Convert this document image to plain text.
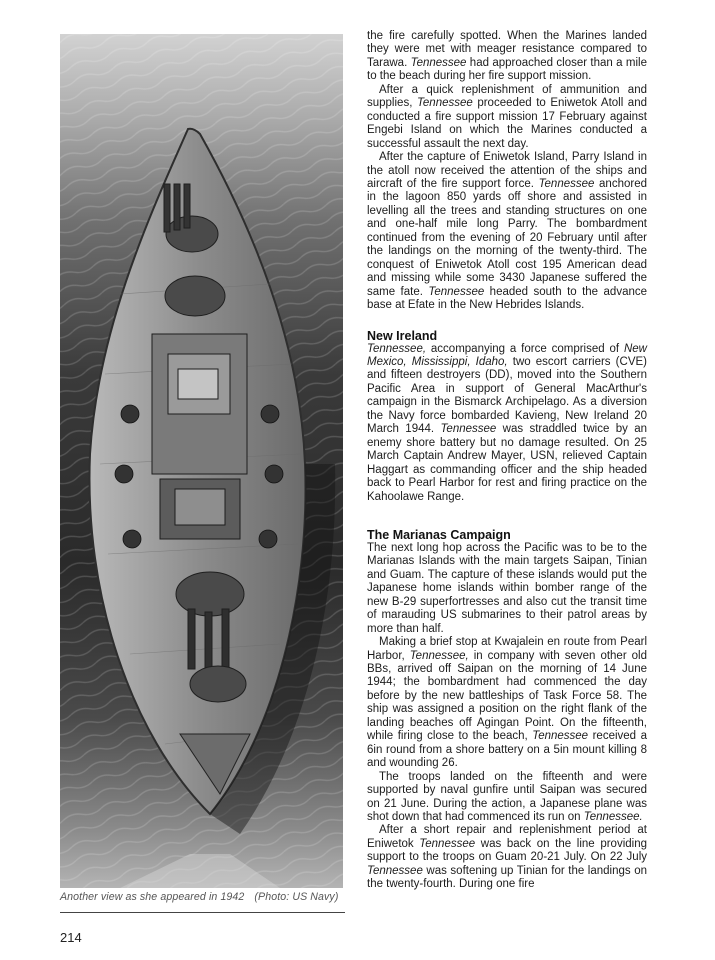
Another view as she appeared in 1942 (Photo: US Navy)
214

the fire carefully spotted. When the Marines landed they were met with meager resistance compared to Tarawa. Tennessee had approached closer than a mile to the beach during her fire support mission.

After a quick replenishment of ammunition and supplies, Tennessee proceeded to Eniwetok Atoll and conducted a fire support mission 17 February against Engebi Island on which the Marines conducted a successful assault the next day.

After the capture of Eniwetok Island, Parry Island in the atoll now received the attention of the ships and aircraft of the fire support force. Tennessee anchored in the lagoon 850 yards off shore and assisted in levelling all the trees and standing structures on one and one-half mile long Parry. The bombardment continued from the evening of 20 February until after the landings on the morning of the twenty-third. The conquest of Eniwetok Atoll cost 195 American dead and missing while some 3430 Japanese suffered the same fate. Tennessee headed south to the advance base at Efate in the New Hebrides Islands.

New Ireland

Tennessee, accompanying a force comprised of New Mexico, Mississippi, Idaho, two escort carriers (CVE) and fifteen destroyers (DD), moved into the Southern Pacific Area in support of General MacArthur's campaign in the Bismarck Archipelago. As a diversion the Navy force bombarded Kavieng, New Ireland 20 March 1944. Tennessee was straddled twice by an enemy shore battery but no damage resulted. On 25 March Captain Andrew Mayer, USN, relieved Captain Haggart as commanding officer and the ship headed back to Pearl Harbor for rest and firing practice on the Kahoolawe Range.

The Marianas Campaign

The next long hop across the Pacific was to be to the Marianas Islands with the main targets Saipan, Tinian and Guam. The capture of these islands would put the Japanese home islands within bomber range of the new B-29 superfortresses and also cut the transit time of marauding US submarines to their patrol areas by more than half.

Making a brief stop at Kwajalein en route from Pearl Harbor, Tennessee, in company with seven other old BBs, arrived off Saipan on the morning of 14 June 1944; the bombardment had commenced the day before by the new battleships of Task Force 58. The ship was assigned a position on the right flank of the landing beaches off Agingan Point. On the fifteenth, while firing close to the beach, Tennessee received a 6in round from a shore battery on a 5in mount killing 8 and wounding 26.

The troops landed on the fifteenth and were supported by naval gunfire until Saipan was secured on 21 June. During the action, a Japanese plane was shot down that had commenced its run on Tennessee.

After a short repair and replenishment period at Eniwetok Tennessee was back on the line providing support to the troops on Guam 20-21 July. On 22 July Tennessee was softening up Tinian for the landings on the twenty-fourth. During one fire
